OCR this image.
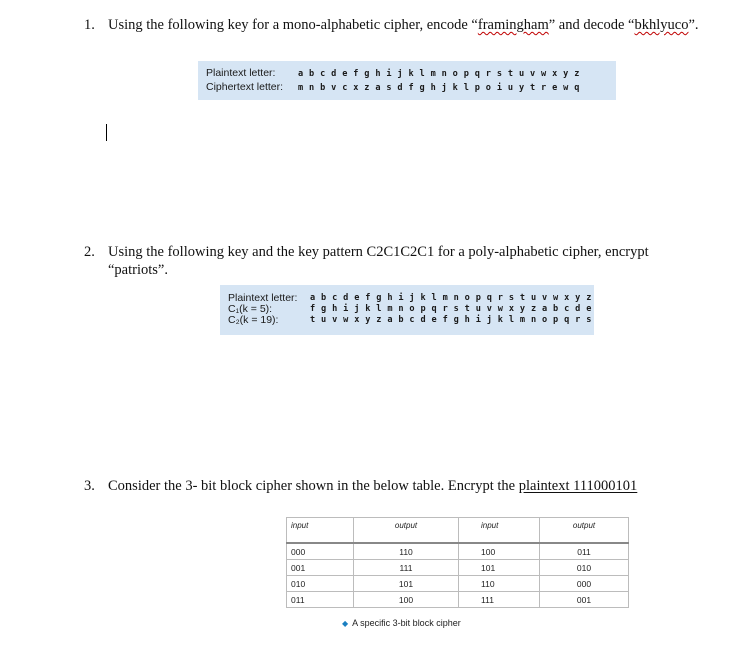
1. Using the following key for a mono-alphabetic cipher, encode “framingham” and decode “bkhlyuco”.
Plaintext letter:	a b c d e f g h i j k l m n o p q r s t u v w x y z
Ciphertext letter: m n b v c x z a s d f g h j k l p o i u y t r e w q
2. Using the following key and the key pattern C2C1C2C1 for a poly-alphabetic cipher, encrypt
“patriots”.
Plaintext letter: a b c d e f g h i j k l m n o p q r s t u v w x y z
C₁(k = 5):	f g h i j k l m n o p q r s t u v w x y z a b c d e
C₂(k = 19):	t u v w x y z a b c d e f g h i j k l m n o p q r s
3. Consider the 3- bit block cipher shown in the below table. Encrypt the plaintext 111000101
input	output	input	output
000	110	100	011
001	111	101	010
010	101	110	000
011	100	111	001
◆ A specific 3-bit block cipher
